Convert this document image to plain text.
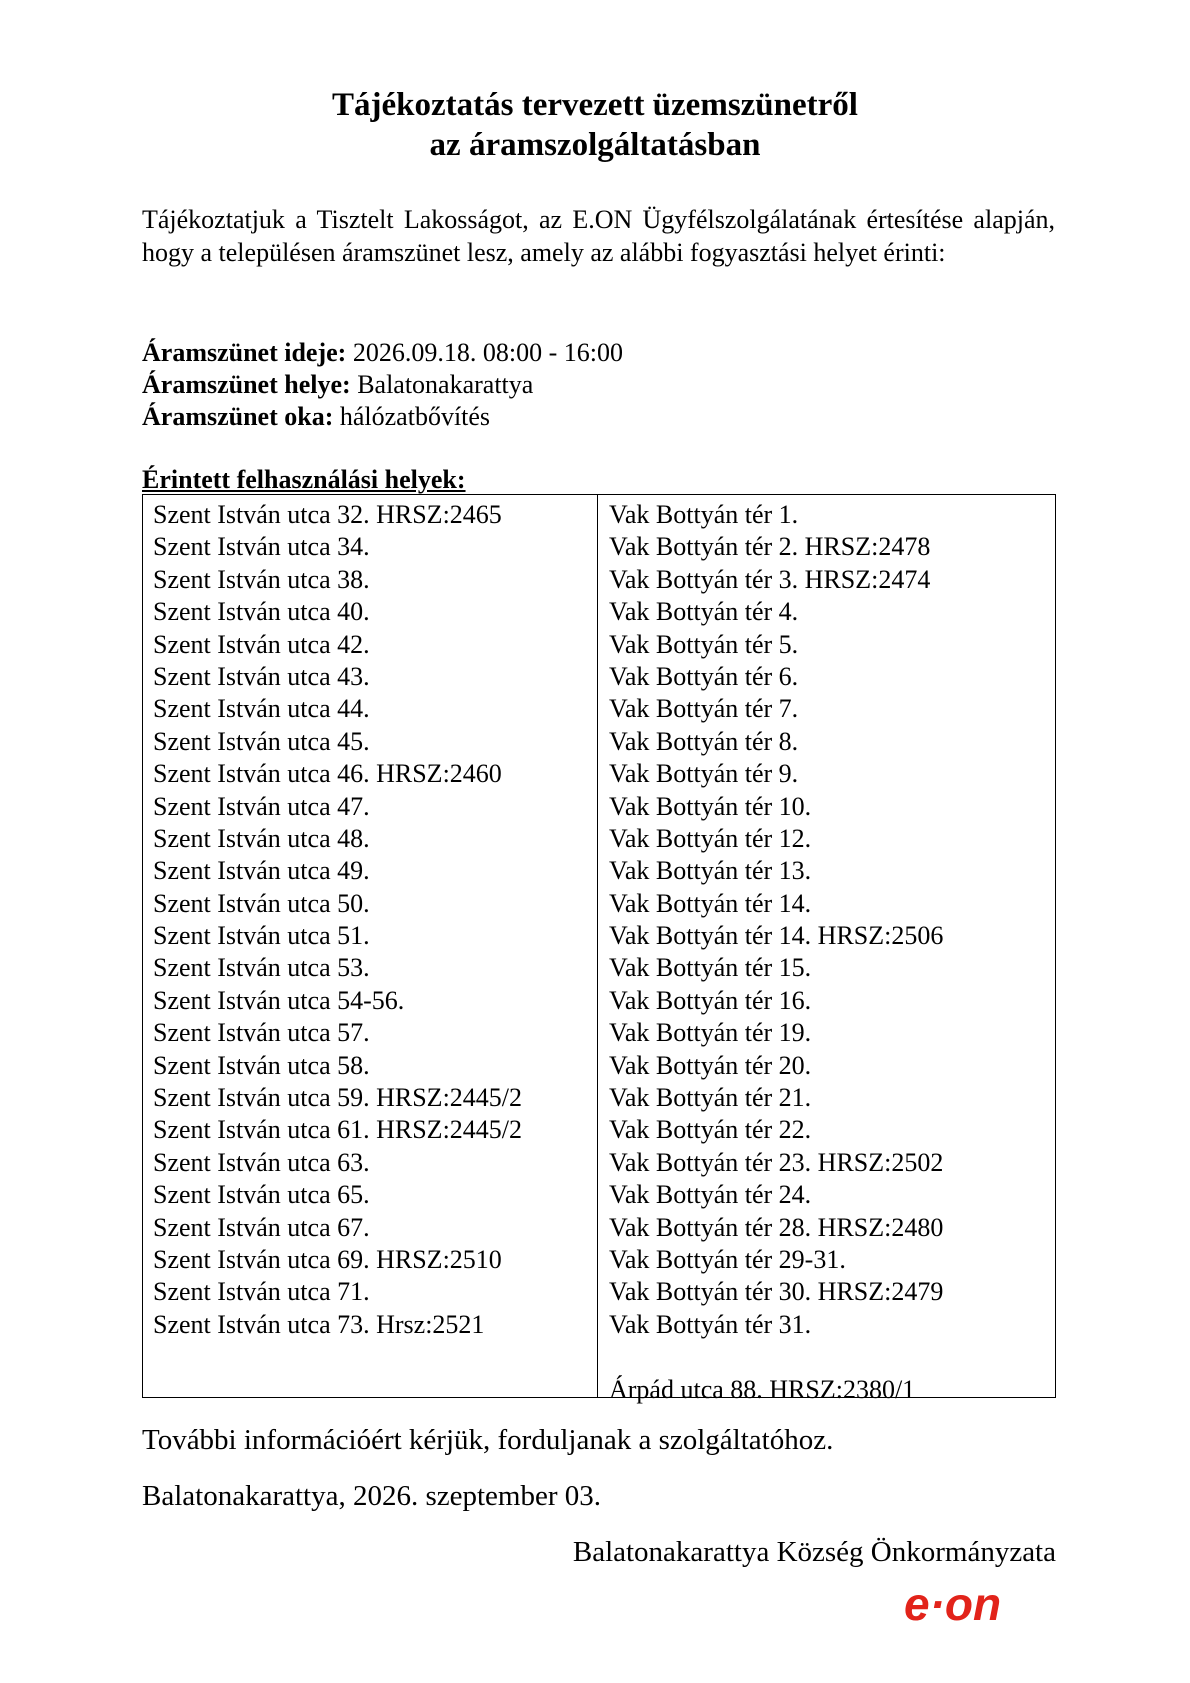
Tájékoztatás tervezett üzemszünetről
az áramszolgáltatásban

Tájékoztatjuk a Tisztelt Lakosságot, az E.ON Ügyfélszolgálatának értesítése alapján, hogy a településen áramszünet lesz, amely az alábbi fogyasztási helyet érinti:

Áramszünet ideje: 2026.09.18. 08:00 - 16:00

Áramszünet helye: Balatonakarattya

Áramszünet oka: hálózatbővítés

Érintett felhasználási helyek:

Szent István utca 32. HRSZ:2465
Szent István utca 34.
Szent István utca 38.
Szent István utca 40.
Szent István utca 42.
Szent István utca 43.
Szent István utca 44.
Szent István utca 45.
Szent István utca 46. HRSZ:2460
Szent István utca 47.
Szent István utca 48.
Szent István utca 49.
Szent István utca 50.
Szent István utca 51.
Szent István utca 53.
Szent István utca 54-56.
Szent István utca 57.
Szent István utca 58.
Szent István utca 59. HRSZ:2445/2
Szent István utca 61. HRSZ:2445/2
Szent István utca 63.
Szent István utca 65.
Szent István utca 67.
Szent István utca 69. HRSZ:2510
Szent István utca 71.
Szent István utca 73. Hrsz:2521
Vak Bottyán tér 1.
Vak Bottyán tér 2. HRSZ:2478
Vak Bottyán tér 3. HRSZ:2474
Vak Bottyán tér 4.
Vak Bottyán tér 5.
Vak Bottyán tér 6.
Vak Bottyán tér 7.
Vak Bottyán tér 8.
Vak Bottyán tér 9.
Vak Bottyán tér 10.
Vak Bottyán tér 12.
Vak Bottyán tér 13.
Vak Bottyán tér 14.
Vak Bottyán tér 14. HRSZ:2506
Vak Bottyán tér 15.
Vak Bottyán tér 16.
Vak Bottyán tér 19.
Vak Bottyán tér 20.
Vak Bottyán tér 21.
Vak Bottyán tér 22.
Vak Bottyán tér 23. HRSZ:2502
Vak Bottyán tér 24.
Vak Bottyán tér 28. HRSZ:2480
Vak Bottyán tér 29-31.
Vak Bottyán tér 30. HRSZ:2479
Vak Bottyán tér 31.
Árpád utca 88. HRSZ:2380/1

További információért kérjük, forduljanak a szolgáltatóhoz.

Balatonakarattya, 2026. szeptember 03.

Balatonakarattya Község Önkormányzata

e·on
